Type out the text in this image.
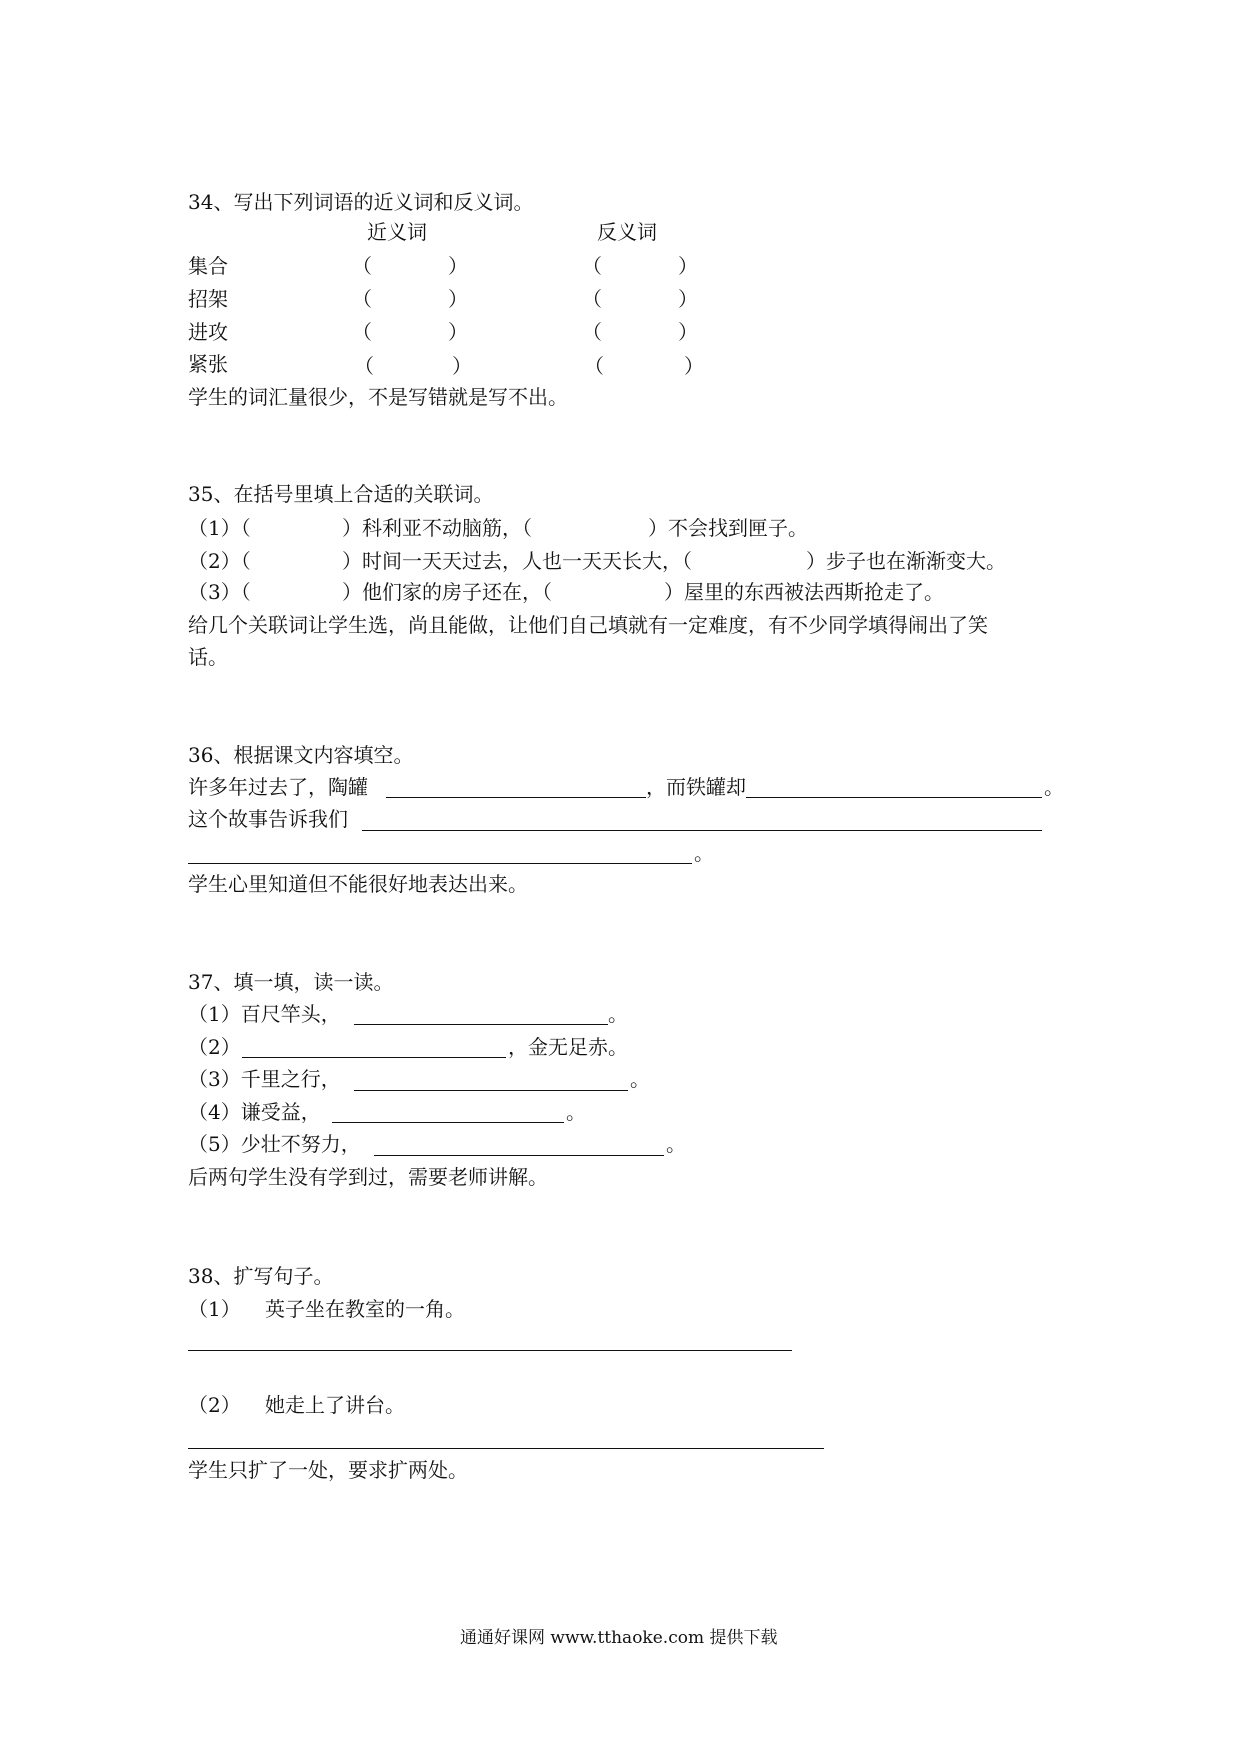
34、写出下列词语的近义词和反义词。
近义词	反义词
集合	（	）	（	）
招架	（	）	（	）
进攻	（	）	（	）
紧张	（	）	（	）
学生的词汇量很少，不是写错就是写不出。
35、在括号里填上合适的关联词。
（1）（	）科利亚不动脑筋，（	）不会找到匣子。
（2）（	）时间一天天过去，人也一天天长大，（	）步子也在渐渐变大。
（3）（	）他们家的房子还在，（	）屋里的东西被法西斯抢走了。
给几个关联词让学生选，尚且能做，让他们自己填就有一定难度，有不少同学填得闹出了笑
话。
36、根据课文内容填空。
许多年过去了，陶罐	，而铁罐却	。
这个故事告诉我们
。
学生心里知道但不能很好地表达出来。
37、填一填，读一读。
（1）百尺竿头，	。
（2）	，金无足赤。
（3）千里之行，	。
（4）谦受益，	。
（5）少壮不努力，	。
后两句学生没有学到过，需要老师讲解。
38、扩写句子。
（1） 英子坐在教室的一角。
（2） 她走上了讲台。
学生只扩了一处，要求扩两处。
通通好课网 www.tthaoke.com 提供下载
